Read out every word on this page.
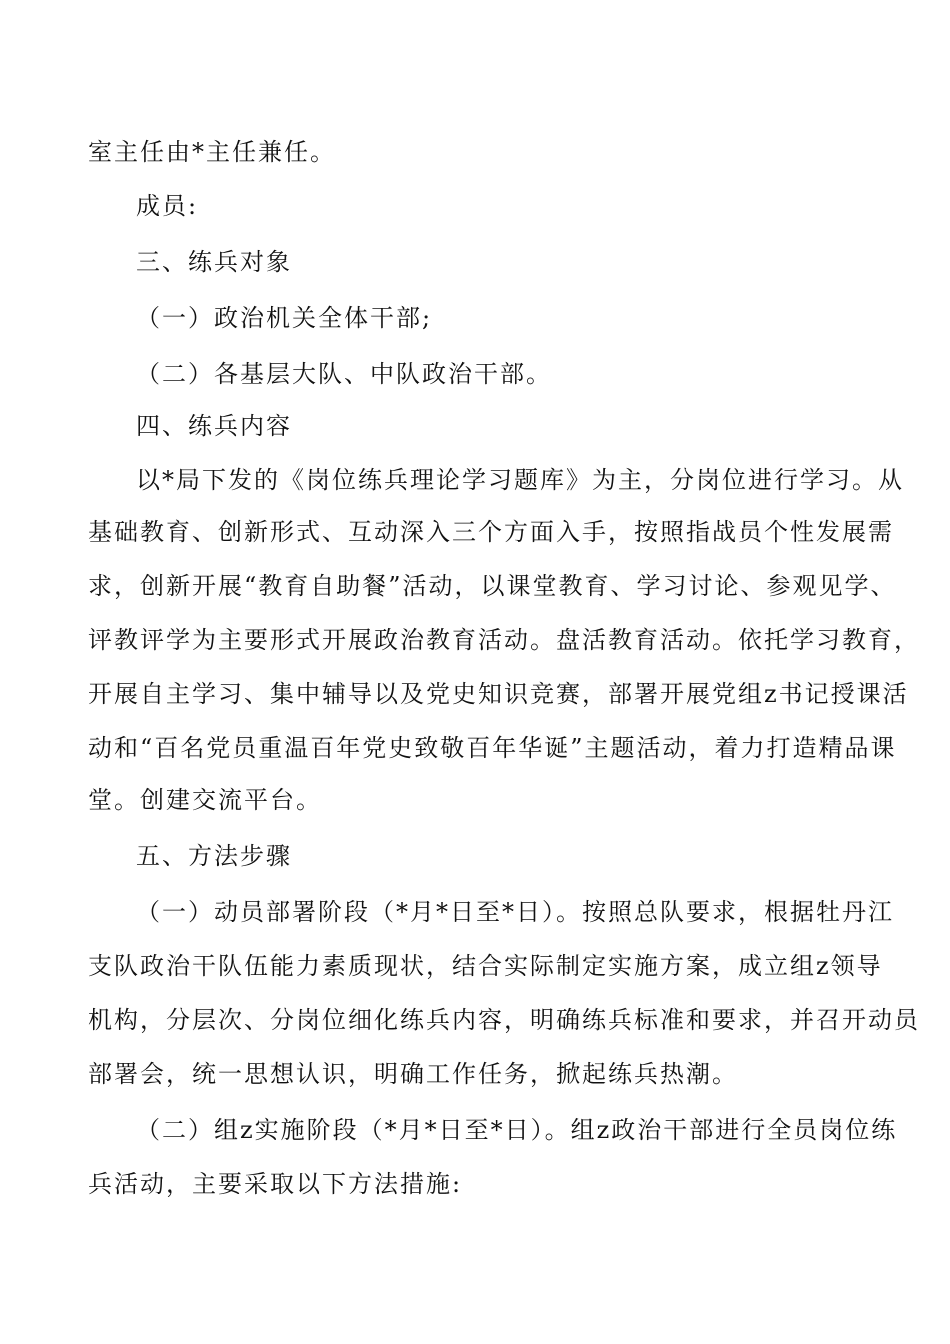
室主任由*主任兼任。
成员:
三、练兵对象
（一）政治机关全体干部;
（二）各基层大队、中队政治干部。
四、练兵内容
以*局下发的《岗位练兵理论学习题库》为主，分岗位进行学习。从
基础教育、创新形式、互动深入三个方面入手，按照指战员个性发展需
求，创新开展“教育自助餐”活动，以课堂教育、学习讨论、参观见学、
评教评学为主要形式开展政治教育活动。盘活教育活动。依托学习教育，
开展自主学习、集中辅导以及党史知识竞赛，部署开展党组z书记授课活
动和“百名党员重温百年党史致敬百年华诞”主题活动，着力打造精品课
堂。创建交流平台。
五、方法步骤
（一）动员部署阶段（*月*日至*日）。按照总队要求，根据牡丹江
支队政治干队伍能力素质现状，结合实际制定实施方案，成立组z领导
机构，分层次、分岗位细化练兵内容，明确练兵标准和要求，并召开动员
部署会，统一思想认识，明确工作任务，掀起练兵热潮。
（二）组z实施阶段（*月*日至*日）。组z政治干部进行全员岗位练
兵活动，主要采取以下方法措施:
